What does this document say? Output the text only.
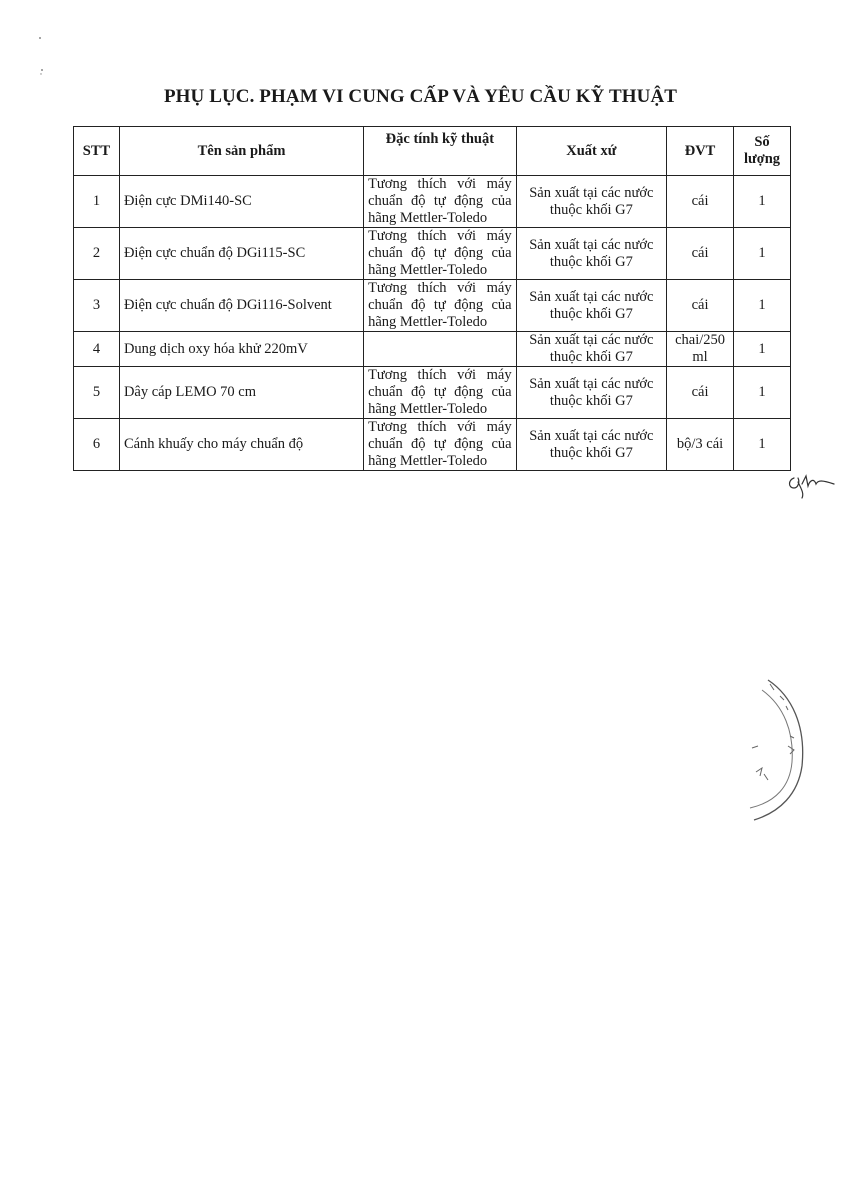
PHỤ LỤC. PHẠM VI CUNG CẤP VÀ YÊU CẦU KỸ THUẬT
STT	Tên sản phẩm	Đặc tính kỹ thuật	Xuất xứ	ĐVT	Số lượng
1	Điện cực DMi140-SC	Tương thích với máy chuẩn độ tự động của hãng Mettler-Toledo	Sản xuất tại các nước thuộc khối G7	cái	1
2	Điện cực chuẩn độ DGi115-SC	Tương thích với máy chuẩn độ tự động của hãng Mettler-Toledo	Sản xuất tại các nước thuộc khối G7	cái	1
3	Điện cực chuẩn độ DGi116-Solvent	Tương thích với máy chuẩn độ tự động của hãng Mettler-Toledo	Sản xuất tại các nước thuộc khối G7	cái	1
4	Dung dịch oxy hóa khử 220mV		Sản xuất tại các nước thuộc khối G7	chai/250 ml	1
5	Dây cáp LEMO 70 cm	Tương thích với máy chuẩn độ tự động của hãng Mettler-Toledo	Sản xuất tại các nước thuộc khối G7	cái	1
6	Cánh khuấy cho máy chuẩn độ	Tương thích với máy chuẩn độ tự động của hãng Mettler-Toledo	Sản xuất tại các nước thuộc khối G7	bộ/3 cái	1
